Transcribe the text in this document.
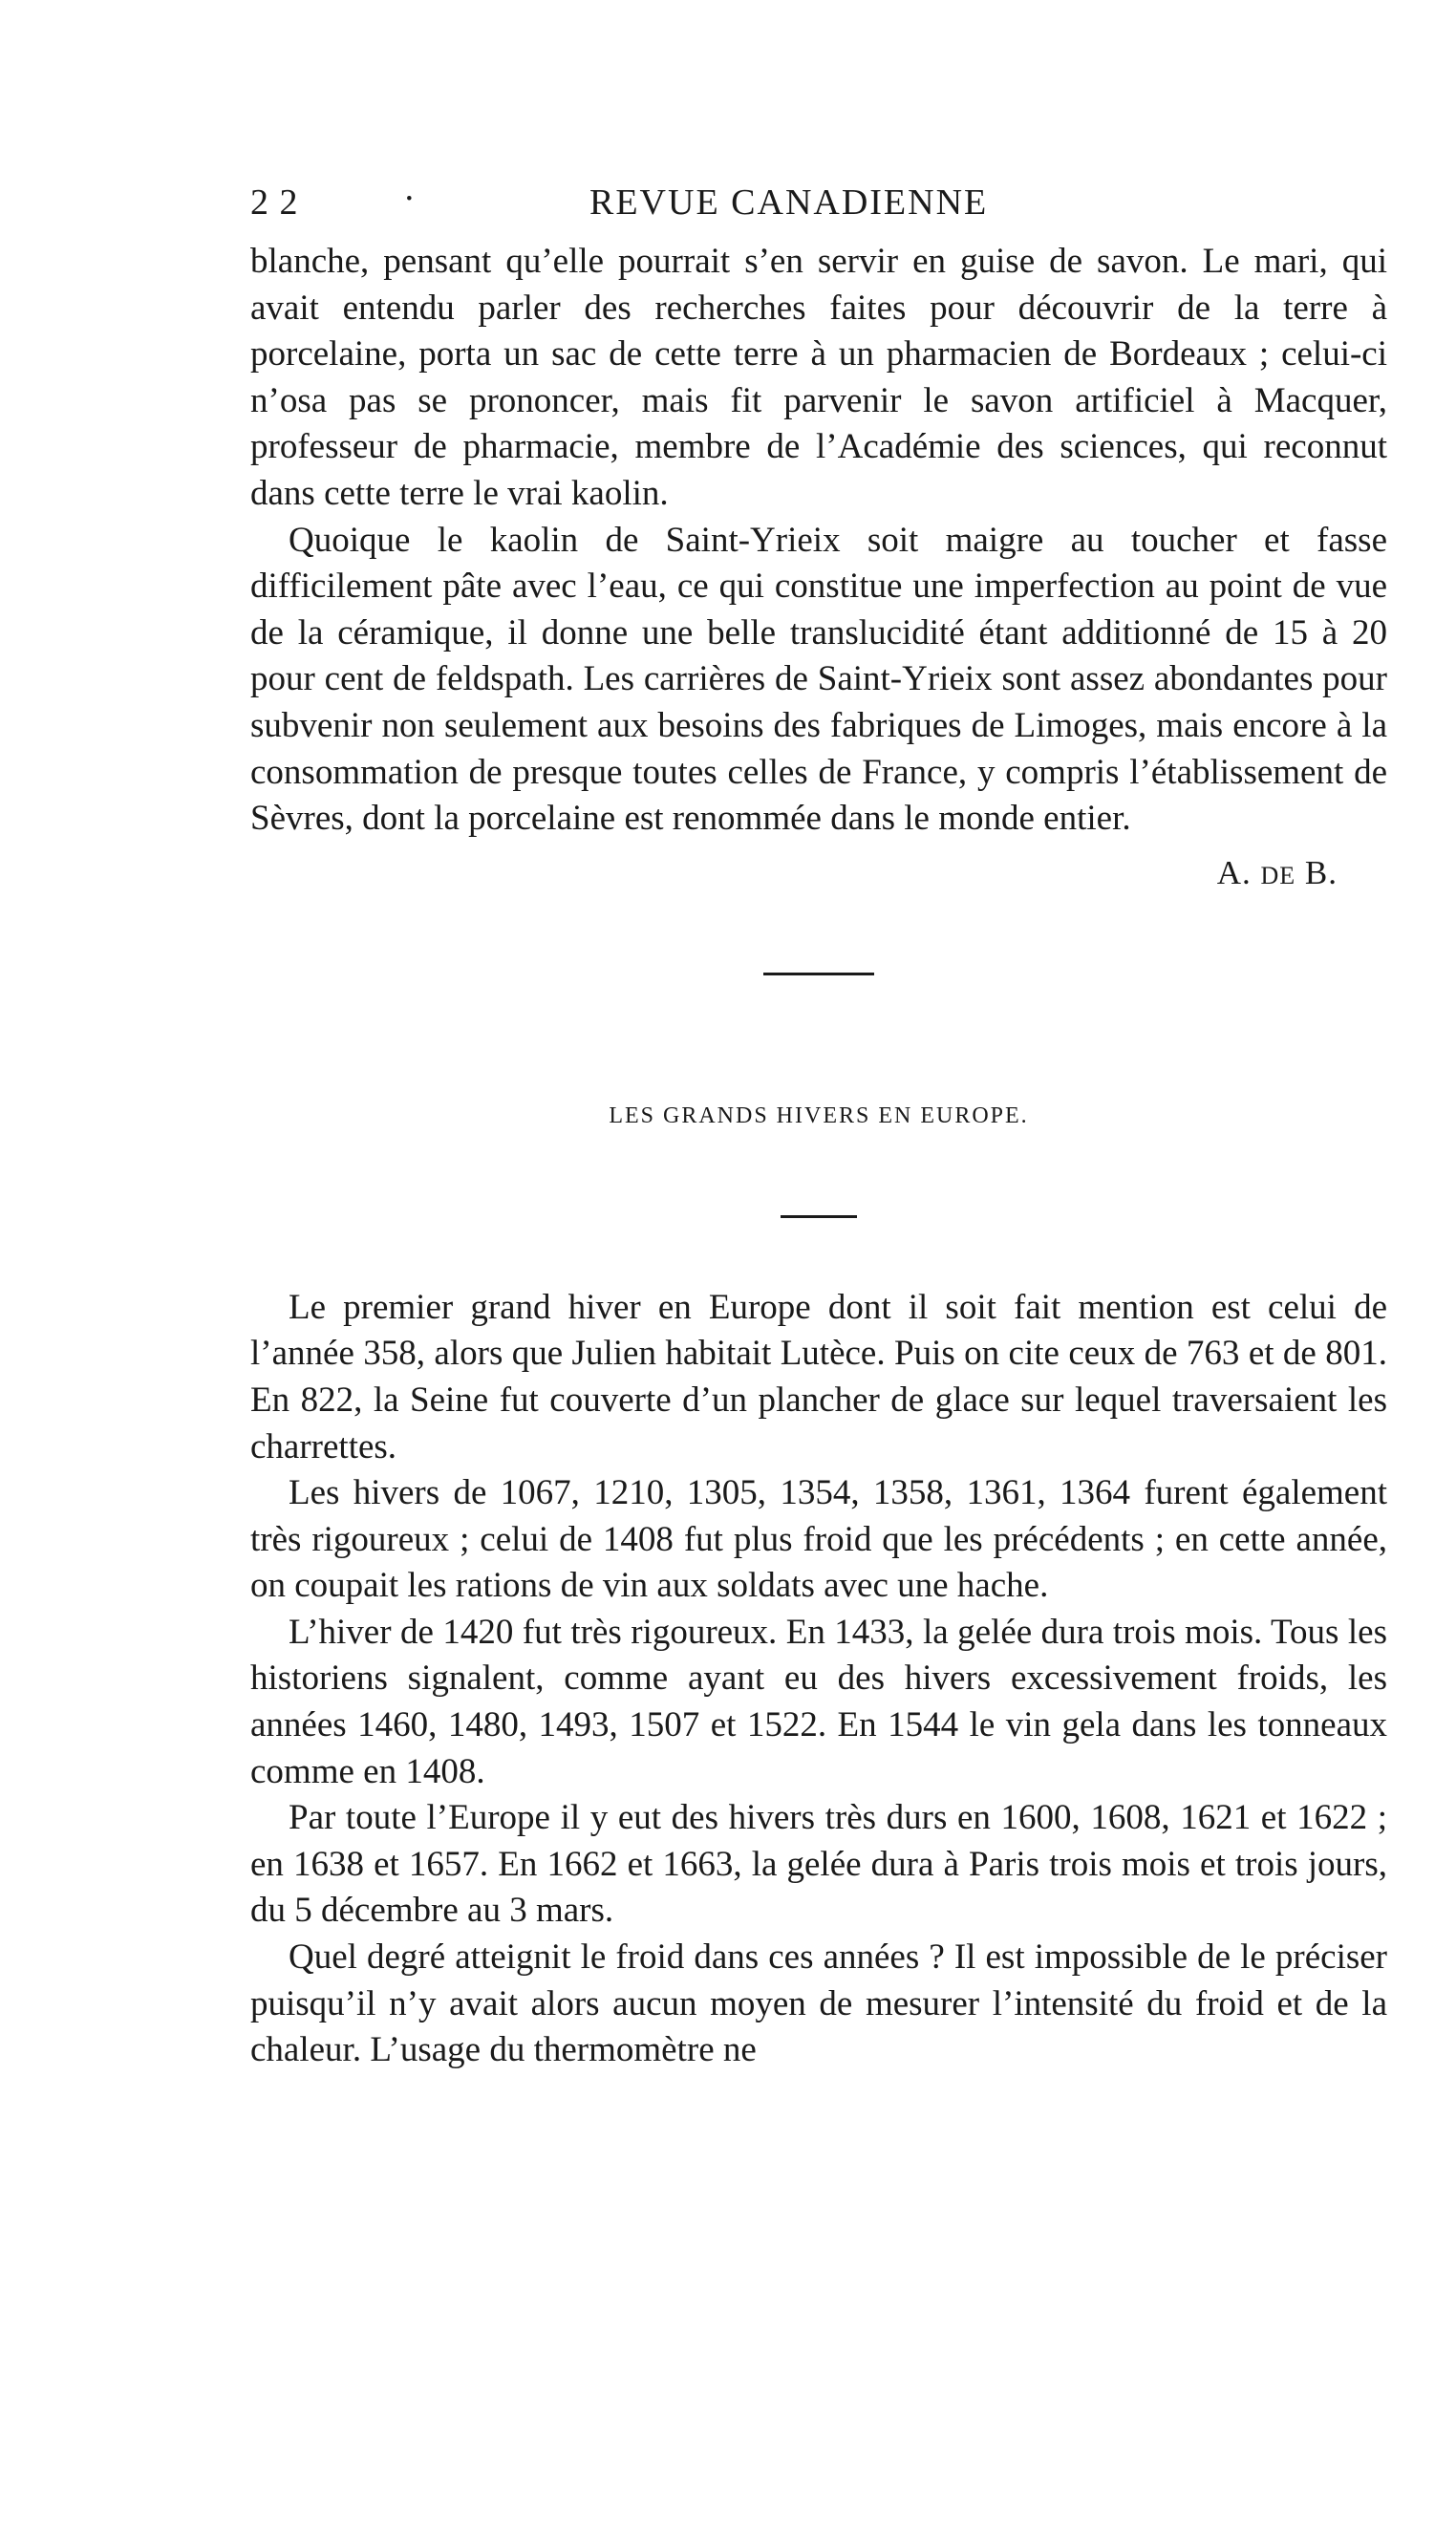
2 2	·	REVUE CANADIENNE

blanche, pensant qu’elle pourrait s’en servir en guise de savon. Le mari, qui avait entendu parler des recherches faites pour découvrir de la terre à porcelaine, porta un sac de cette terre à un pharmacien de Bordeaux ; celui-ci n’osa pas se prononcer, mais fit parvenir le savon artificiel à Macquer, professeur de pharmacie, membre de l’Académie des sciences, qui reconnut dans cette terre le vrai kaolin.

Quoique le kaolin de Saint-Yrieix soit maigre au toucher et fasse difficilement pâte avec l’eau, ce qui constitue une imperfection au point de vue de la céramique, il donne une belle translucidité étant additionné de 15 à 20 pour cent de feldspath. Les carrières de Saint-Yrieix sont assez abondantes pour subvenir non seulement aux besoins des fabriques de Limoges, mais encore à la consommation de presque toutes celles de France, y compris l’établissement de Sèvres, dont la porcelaine est renommée dans le monde entier.

A. DE B.
LES GRANDS HIVERS EN EUROPE.

Le premier grand hiver en Europe dont il soit fait mention est celui de l’année 358, alors que Julien habitait Lutèce. Puis on cite ceux de 763 et de 801. En 822, la Seine fut couverte d’un plancher de glace sur lequel traversaient les charrettes.

Les hivers de 1067, 1210, 1305, 1354, 1358, 1361, 1364 furent également très rigoureux ; celui de 1408 fut plus froid que les précédents ; en cette année, on coupait les rations de vin aux soldats avec une hache.

L’hiver de 1420 fut très rigoureux. En 1433, la gelée dura trois mois. Tous les historiens signalent, comme ayant eu des hivers excessivement froids, les années 1460, 1480, 1493, 1507 et 1522. En 1544 le vin gela dans les tonneaux comme en 1408.

Par toute l’Europe il y eut des hivers très durs en 1600, 1608, 1621 et 1622 ; en 1638 et 1657. En 1662 et 1663, la gelée dura à Paris trois mois et trois jours, du 5 décembre au 3 mars.

Quel degré atteignit le froid dans ces années ? Il est impossible de le préciser puisqu’il n’y avait alors aucun moyen de mesurer l’intensité du froid et de la chaleur. L’usage du thermomètre ne
